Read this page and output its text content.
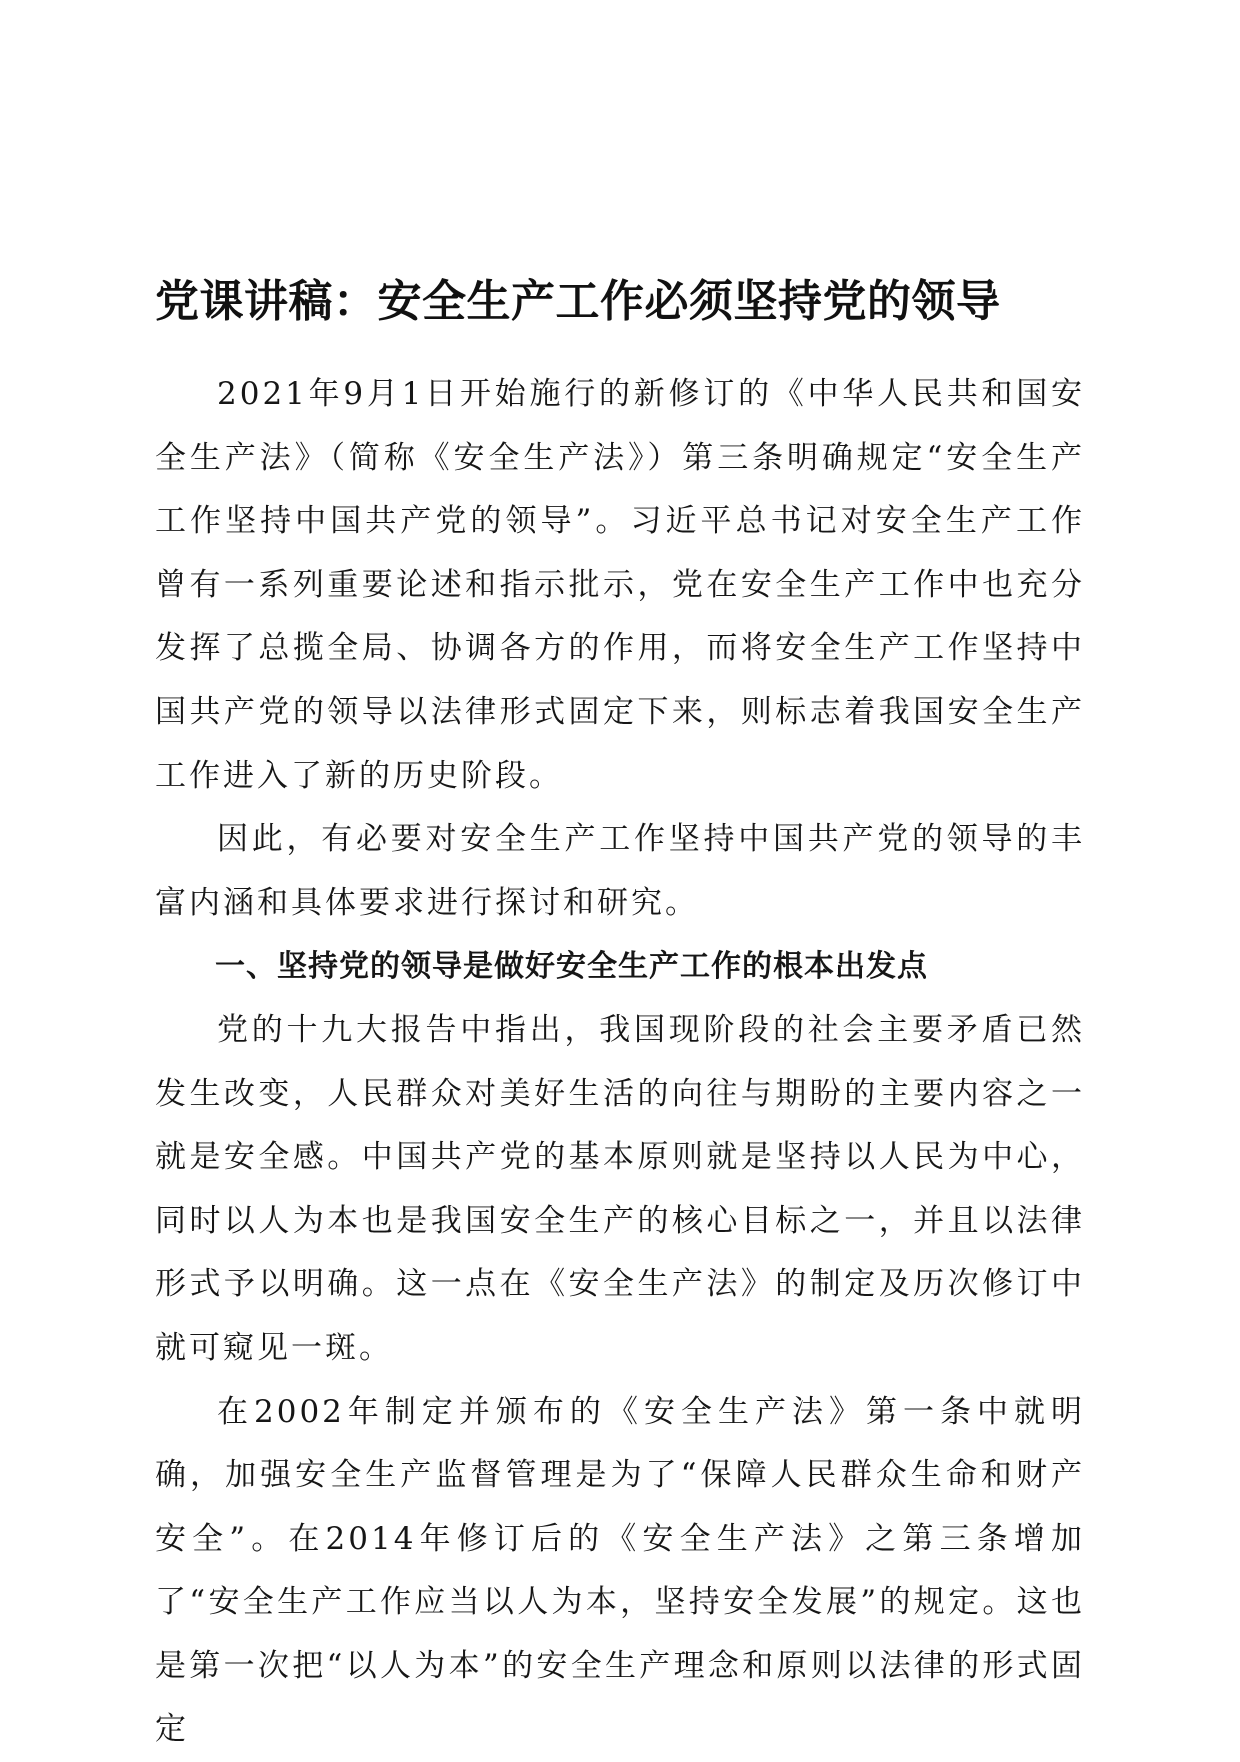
党课讲稿：安全生产工作必须坚持党的领导

2021年9月1日开始施行的新修订的《中华人民共和国安全生产法》（简称《安全生产法》）第三条明确规定“安全生产工作坚持中国共产党的领导”。习近平总书记对安全生产工作曾有一系列重要论述和指示批示，党在安全生产工作中也充分发挥了总揽全局、协调各方的作用，而将安全生产工作坚持中国共产党的领导以法律形式固定下来，则标志着我国安全生产工作进入了新的历史阶段。

因此，有必要对安全生产工作坚持中国共产党的领导的丰富内涵和具体要求进行探讨和研究。

一、坚持党的领导是做好安全生产工作的根本出发点

党的十九大报告中指出，我国现阶段的社会主要矛盾已然发生改变，人民群众对美好生活的向往与期盼的主要内容之一就是安全感。中国共产党的基本原则就是坚持以人民为中心，同时以人为本也是我国安全生产的核心目标之一，并且以法律形式予以明确。这一点在《安全生产法》的制定及历次修订中就可窥见一斑。

在2002年制定并颁布的《安全生产法》第一条中就明确，加强安全生产监督管理是为了“保障人民群众生命和财产安全”。在2014年修订后的《安全生产法》之第三条增加了“安全生产工作应当以人为本，坚持安全发展”的规定。这也是第一次把“以人为本”的安全生产理念和原则以法律的形式固定
